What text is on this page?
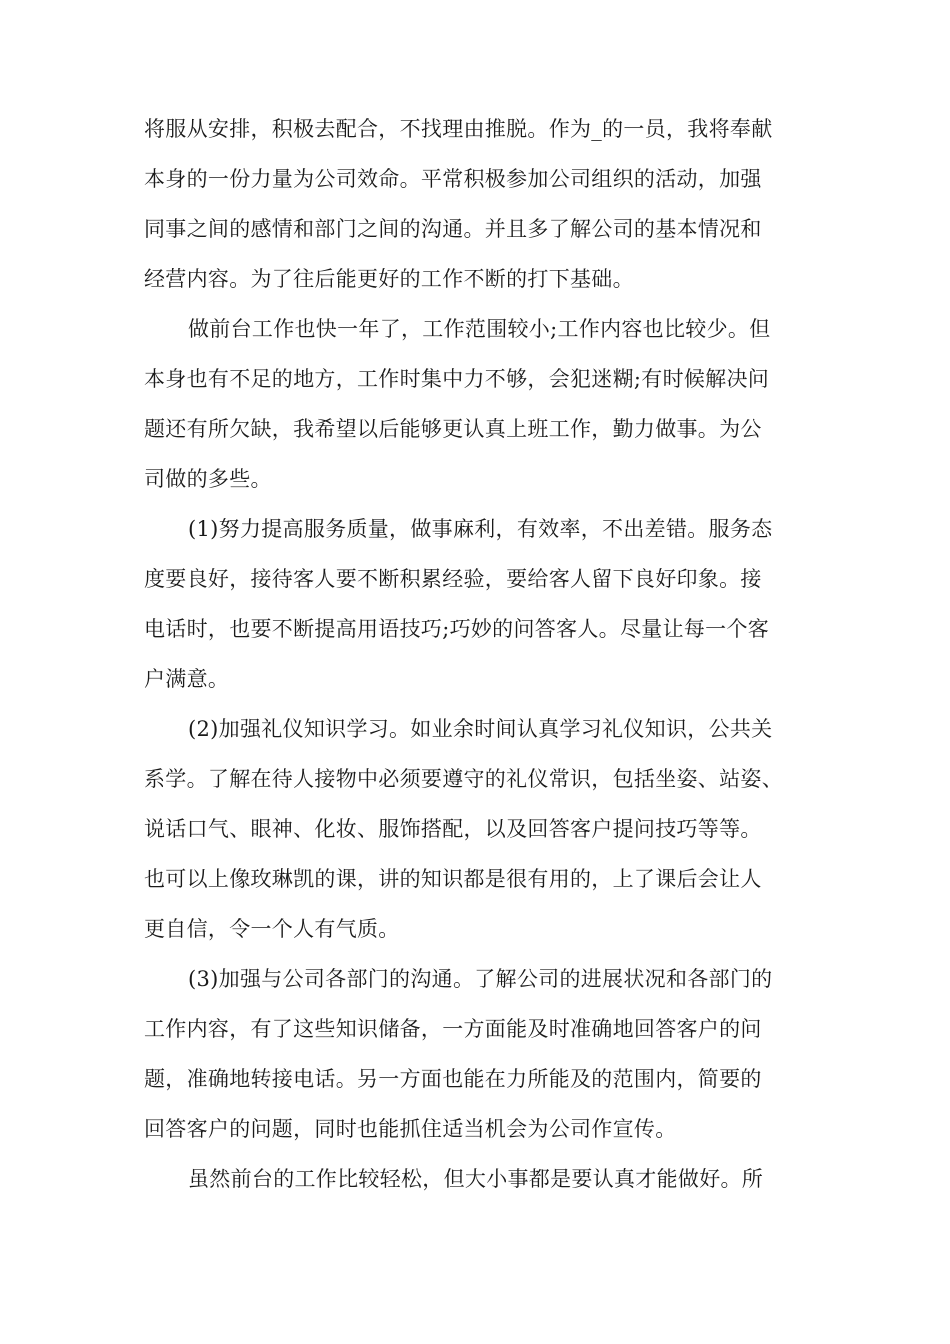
将服从安排，积极去配合，不找理由推脱。作为_的一员，我将奉献
本身的一份力量为公司效命。平常积极参加公司组织的活动，加强
同事之间的感情和部门之间的沟通。并且多了解公司的基本情况和
经营内容。为了往后能更好的工作不断的打下基础。
做前台工作也快一年了，工作范围较小;工作内容也比较少。但
本身也有不足的地方，工作时集中力不够，会犯迷糊;有时候解决问
题还有所欠缺，我希望以后能够更认真上班工作，勤力做事。为公
司做的多些。
(1)努力提高服务质量，做事麻利，有效率，不出差错。服务态
度要良好，接待客人要不断积累经验，要给客人留下良好印象。接
电话时，也要不断提高用语技巧;巧妙的问答客人。尽量让每一个客
户满意。
(2)加强礼仪知识学习。如业余时间认真学习礼仪知识，公共关
系学。了解在待人接物中必须要遵守的礼仪常识，包括坐姿、站姿、
说话口气、眼神、化妆、服饰搭配，以及回答客户提问技巧等等。
也可以上像玫琳凯的课，讲的知识都是很有用的，上了课后会让人
更自信，令一个人有气质。
(3)加强与公司各部门的沟通。了解公司的进展状况和各部门的
工作内容，有了这些知识储备，一方面能及时准确地回答客户的问
题，准确地转接电话。另一方面也能在力所能及的范围内，简要的
回答客户的问题，同时也能抓住适当机会为公司作宣传。
虽然前台的工作比较轻松，但大小事都是要认真才能做好。所
